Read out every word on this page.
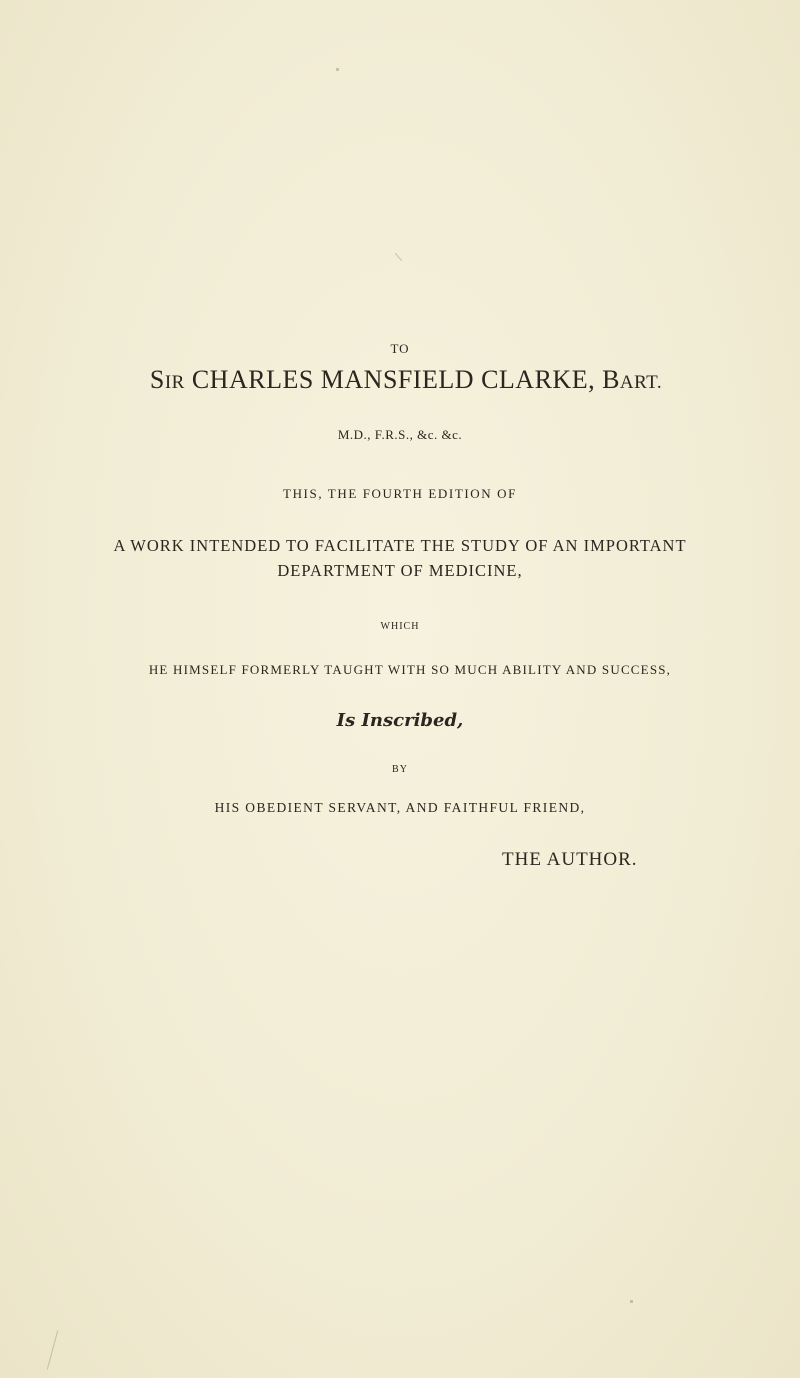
TO
SIR CHARLES MANSFIELD CLARKE, BART.
M.D., F.R.S., &c. &c.
THIS, THE FOURTH EDITION OF
A WORK INTENDED TO FACILITATE THE STUDY OF AN IMPORTANT
DEPARTMENT OF MEDICINE,
WHICH
HE HIMSELF FORMERLY TAUGHT WITH SO MUCH ABILITY AND SUCCESS,
Is Inscribed,
BY
HIS OBEDIENT SERVANT, AND FAITHFUL FRIEND,
THE AUTHOR.
